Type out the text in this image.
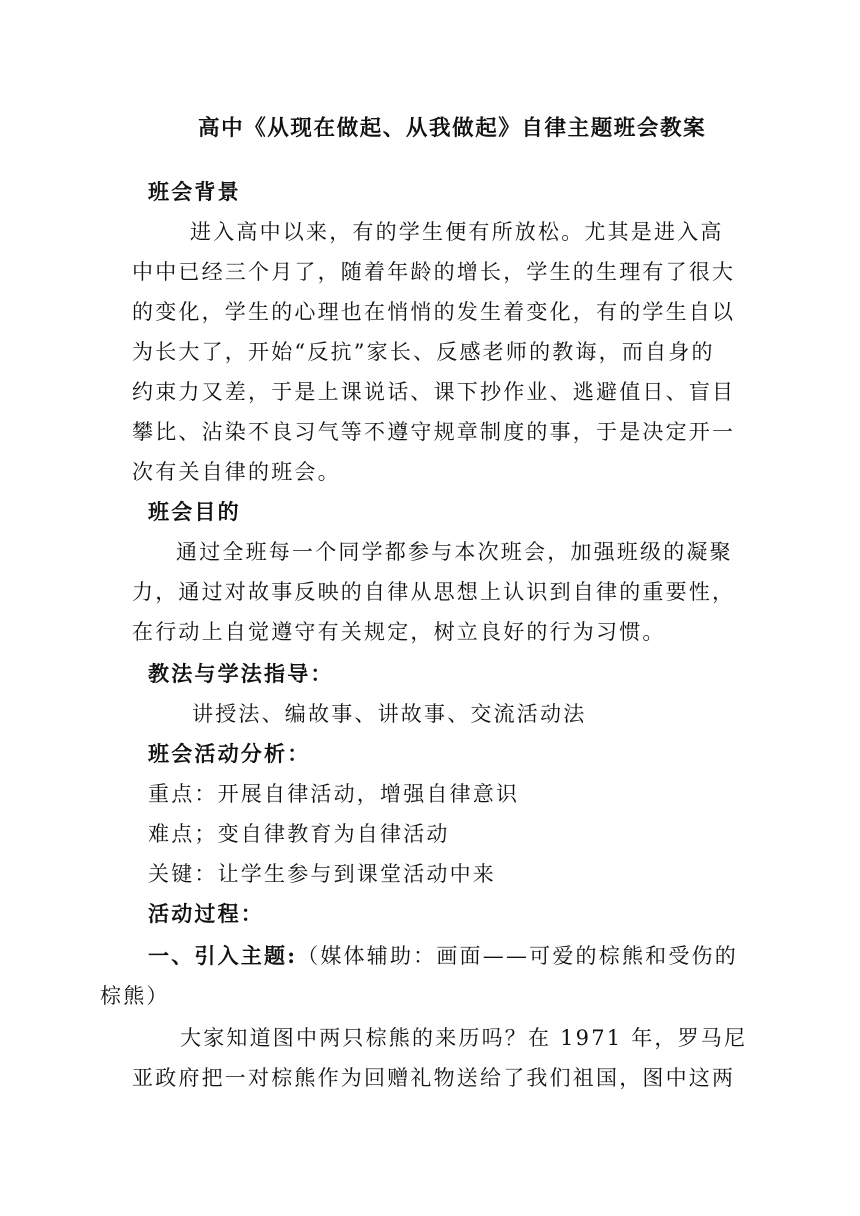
高中《从现在做起、从我做起》自律主题班会教案
班会背景
进入高中以来，有的学生便有所放松。尤其是进入高
中中已经三个月了，随着年龄的增长，学生的生理有了很大
的变化，学生的心理也在悄悄的发生着变化，有的学生自以
为长大了，开始“反抗”家长、反感老师的教诲，而自身的
约束力又差，于是上课说话、课下抄作业、逃避值日、盲目
攀比、沾染不良习气等不遵守规章制度的事，于是决定开一
次有关自律的班会。
班会目的
通过全班每一个同学都参与本次班会，加强班级的凝聚
力，通过对故事反映的自律从思想上认识到自律的重要性，
在行动上自觉遵守有关规定，树立良好的行为习惯。
教法与学法指导：
讲授法、编故事、讲故事、交流活动法
班会活动分析：
重点：开展自律活动，增强自律意识
难点；变自律教育为自律活动
关键：让学生参与到课堂活动中来
活动过程：
一、引入主题:（媒体辅助：画面——可爱的棕熊和受伤的
棕熊）
大家知道图中两只棕熊的来历吗？在 1971 年，罗马尼
亚政府把一对棕熊作为回赠礼物送给了我们祖国，图中这两
